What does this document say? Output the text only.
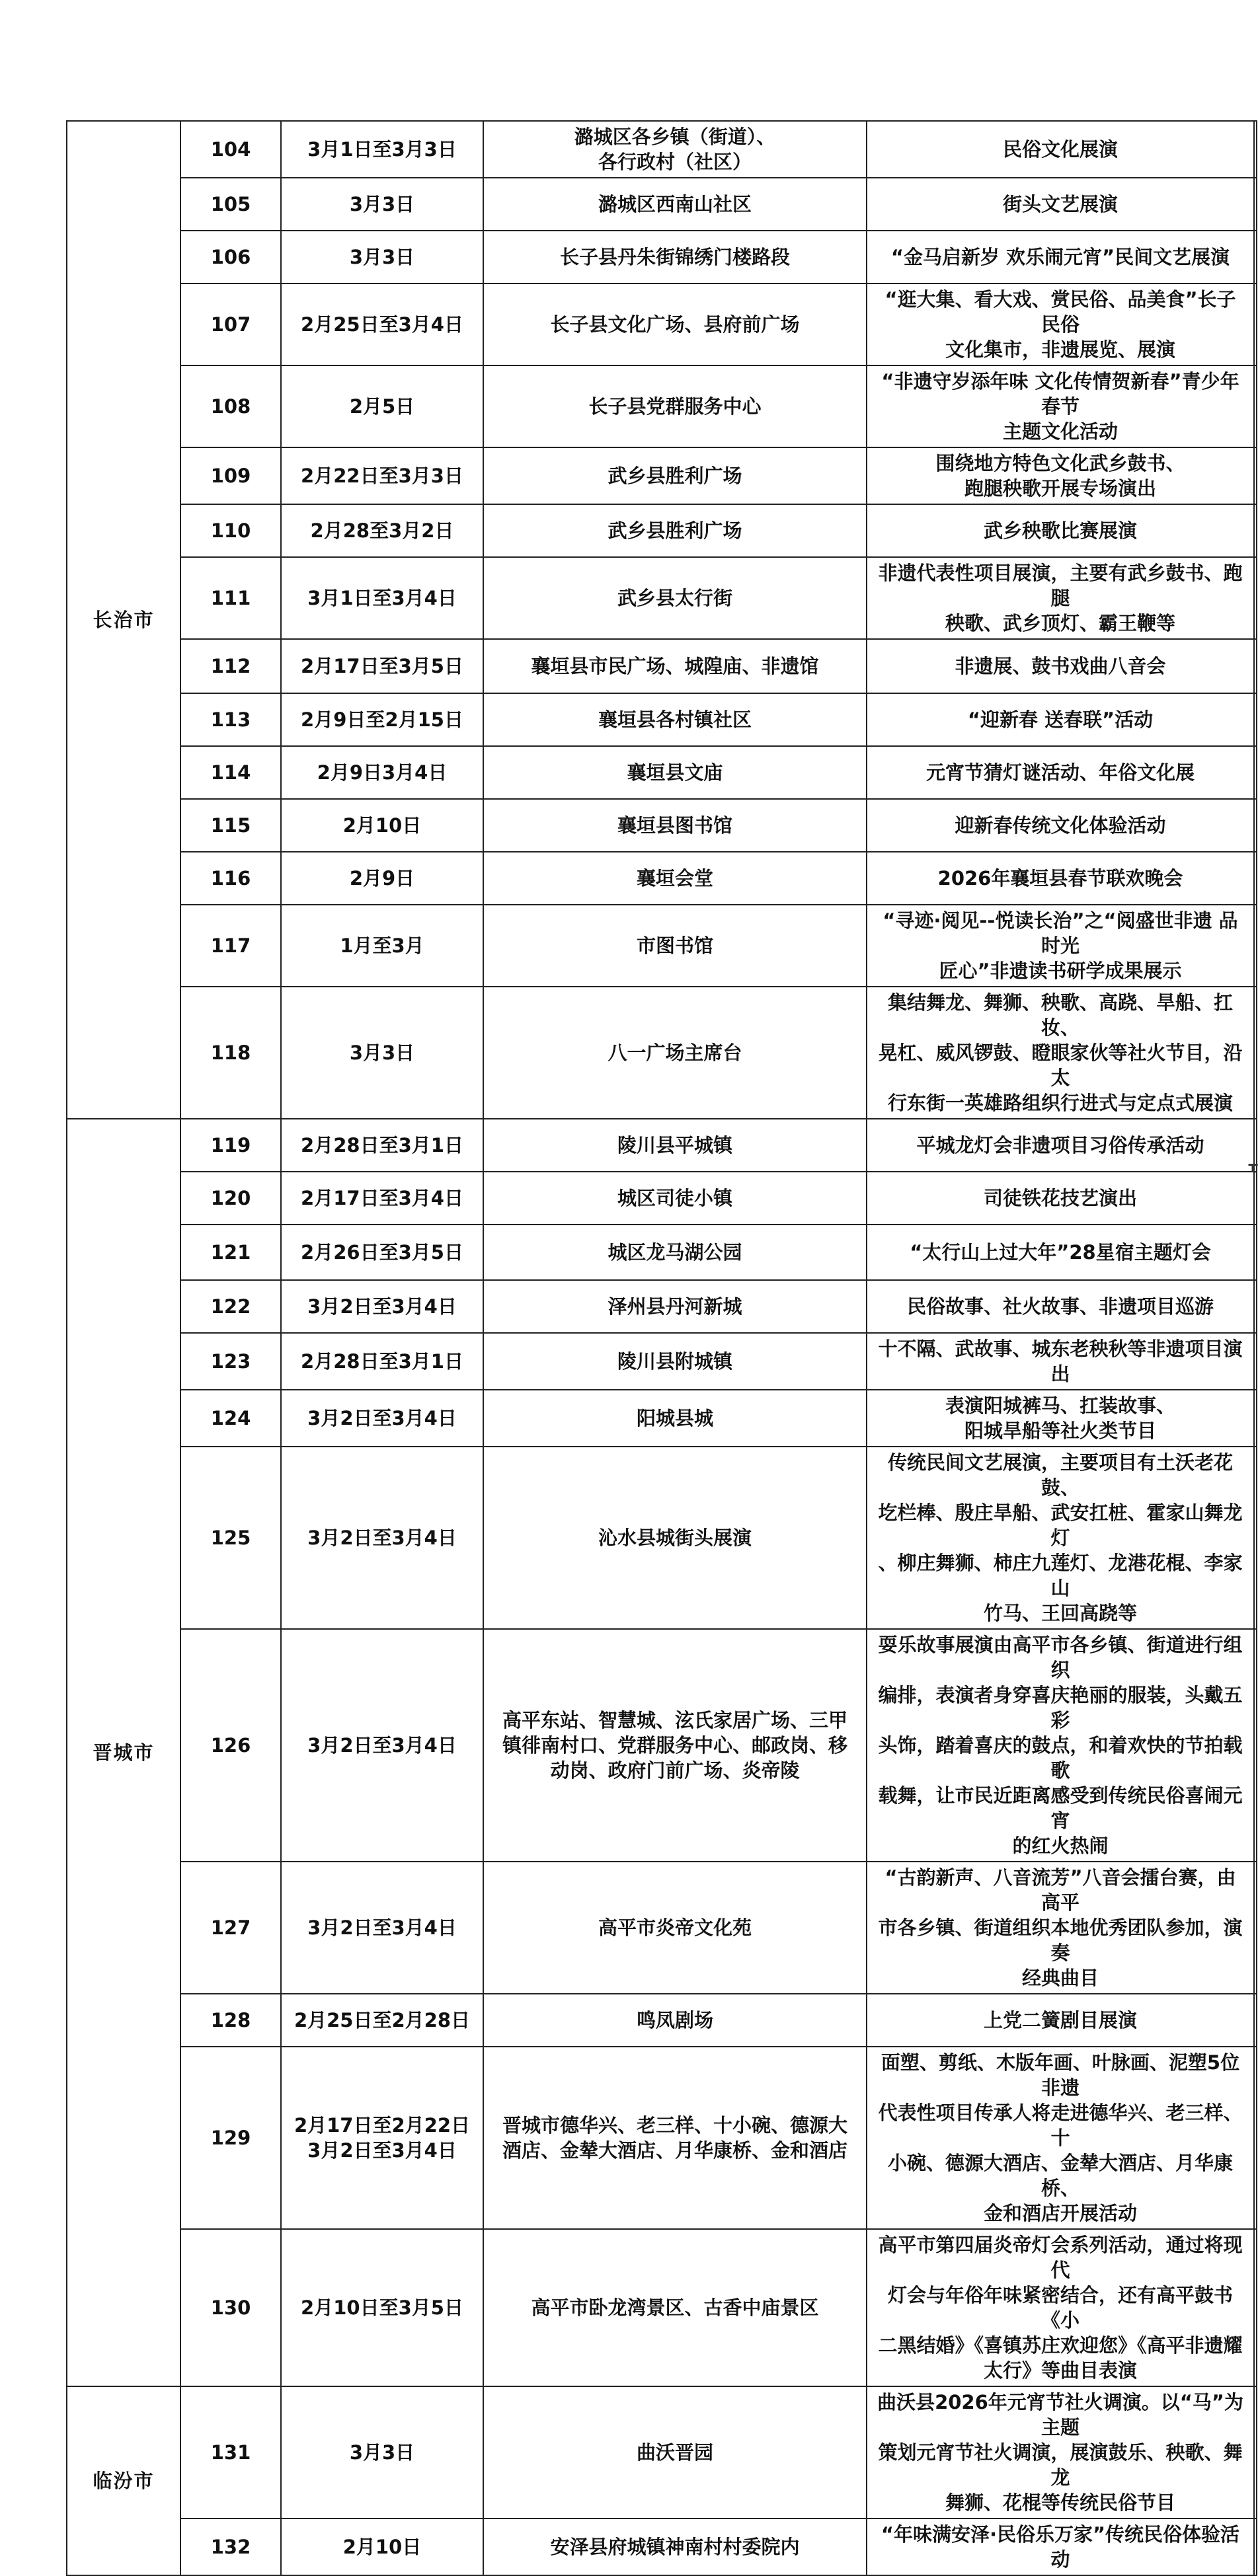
长治市	104	3月1日至3月3日	潞城区各乡镇（街道）、
各行政村（社区）	民俗文化展演	
	105	3月3日	潞城区西南山社区	街头文艺展演	
	106	3月3日	长子县丹朱街锦绣门楼路段	“金马启新岁 欢乐闹元宵”民间文艺展演	
	107	2月25日至3月4日	长子县文化广场、县府前广场	“逛大集、看大戏、赏民俗、品美食”长子民俗
文化集市，非遗展览、展演	
	108	2月5日	长子县党群服务中心	“非遗守岁添年味 文化传情贺新春”青少年春节
主题文化活动	
	109	2月22日至3月3日	武乡县胜利广场	围绕地方特色文化武乡鼓书、
跑腿秧歌开展专场演出	
	110	2月28至3月2日	武乡县胜利广场	武乡秧歌比赛展演	
	111	3月1日至3月4日	武乡县太行街	非遗代表性项目展演，主要有武乡鼓书、跑腿
秧歌、武乡顶灯、霸王鞭等	
	112	2月17日至3月5日	襄垣县市民广场、城隍庙、非遗馆	非遗展、鼓书戏曲八音会	
	113	2月9日至2月15日	襄垣县各村镇社区	“迎新春 送春联”活动	
	114	2月9日3月4日	襄垣县文庙	元宵节猜灯谜活动、年俗文化展	
	115	2月10日	襄垣县图书馆	迎新春传统文化体验活动	
	116	2月9日	襄垣会堂	2026年襄垣县春节联欢晚会	
	117	1月至3月	市图书馆	“寻迹·阅见--悦读长治”之“阅盛世非遗 品时光
匠心”非遗读书研学成果展示	
	118	3月3日	八一广场主席台	集结舞龙、舞狮、秧歌、高跷、旱船、扛妆、
晃杠、威风锣鼓、瞪眼家伙等社火节目，沿太
行东街一英雄路组织行进式与定点式展演	
晋城市	119	2月28日至3月1日	陵川县平城镇	平城龙灯会非遗项目习俗传承活动	
	120	2月17日至3月4日	城区司徒小镇	司徒铁花技艺演出	
	121	2月26日至3月5日	城区龙马湖公园	“太行山上过大年”28星宿主题灯会	
	122	3月2日至3月4日	泽州县丹河新城	民俗故事、社火故事、非遗项目巡游	
	123	2月28日至3月1日	陵川县附城镇	十不隔、武故事、城东老秧秋等非遗项目演出	
	124	3月2日至3月4日	阳城县城	表演阳城裤马、扛装故事、
阳城旱船等社火类节目	
	125	3月2日至3月4日	沁水县城街头展演	传统民间文艺展演，主要项目有土沃老花鼓、
圪栏棒、殷庄旱船、武安扛桩、霍家山舞龙灯
、柳庄舞狮、柿庄九莲灯、龙港花棍、李家山
竹马、王回高跷等	
	126	3月2日至3月4日	高平东站、智慧城、泫氏家居广场、三甲
镇徘南村口、党群服务中心、邮政岗、移
动岗、政府门前广场、炎帝陵	耍乐故事展演由高平市各乡镇、街道进行组织
编排，表演者身穿喜庆艳丽的服装，头戴五彩
头饰，踏着喜庆的鼓点，和着欢快的节拍载歌
载舞，让市民近距离感受到传统民俗喜闹元宵
的红火热闹	
	127	3月2日至3月4日	高平市炎帝文化苑	“古韵新声、八音流芳”八音会擂台赛，由高平
市各乡镇、街道组织本地优秀团队参加，演奏
经典曲目	
	128	2月25日至2月28日	鸣凤剧场	上党二簧剧目展演	
	129	2月17日至2月22日
3月2日至3月4日	晋城市德华兴、老三样、十小碗、德源大
酒店、金辇大酒店、月华康桥、金和酒店	面塑、剪纸、木版年画、叶脉画、泥塑5位非遗
代表性项目传承人将走进德华兴、老三样、十
小碗、德源大酒店、金辇大酒店、月华康桥、
金和酒店开展活动	
	130	2月10日至3月5日	高平市卧龙湾景区、古香中庙景区	高平市第四届炎帝灯会系列活动，通过将现代
灯会与年俗年味紧密结合，还有高平鼓书《小
二黑结婚》《喜镇苏庄欢迎您》《高平非遗耀
太行》等曲目表演	
临汾市	131	3月3日	曲沃晋园	曲沃县2026年元宵节社火调演。以“马”为主题
策划元宵节社火调演，展演鼓乐、秧歌、舞龙
舞狮、花棍等传统民俗节目	
	132	2月10日	安泽县府城镇神南村村委院内	“年味满安泽·民俗乐万家”传统民俗体验活动	
τ
